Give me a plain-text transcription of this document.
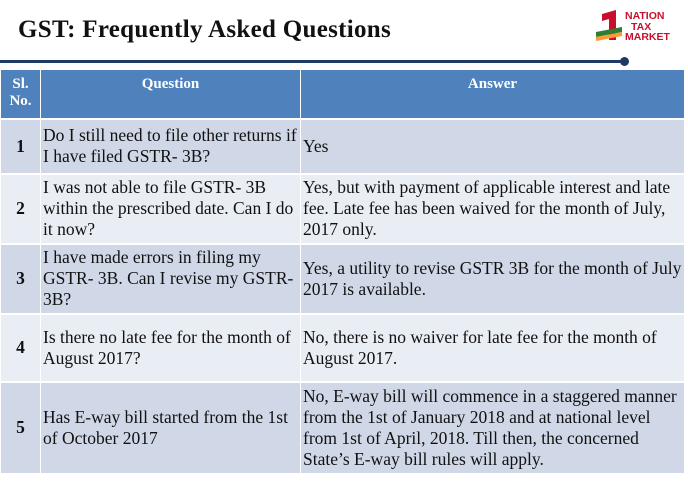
GST: Frequently Asked Questions	NATION
TAX
MARKET
Sl.
No.	Question	Answer
1	Do I still need to file other returns if I have filed GSTR- 3B?	Yes
2	I was not able to file GSTR- 3B within the prescribed date. Can I do it now?	Yes, but with payment of applicable interest and late fee. Late fee has been waived for the month of July, 2017 only.
3	I have made errors in filing my GSTR- 3B. Can I revise my GSTR- 3B?	Yes, a utility to revise GSTR 3B for the month of July 2017 is available.
4	Is there no late fee for the month of August 2017?	No, there is no waiver for late fee for the month of August 2017.
5	Has E-way bill started from the 1st of October 2017	No, E-way bill will commence in a staggered manner from the 1st of January 2018 and at national level from 1st of April, 2018. Till then, the concerned State’s E-way bill rules will apply.
